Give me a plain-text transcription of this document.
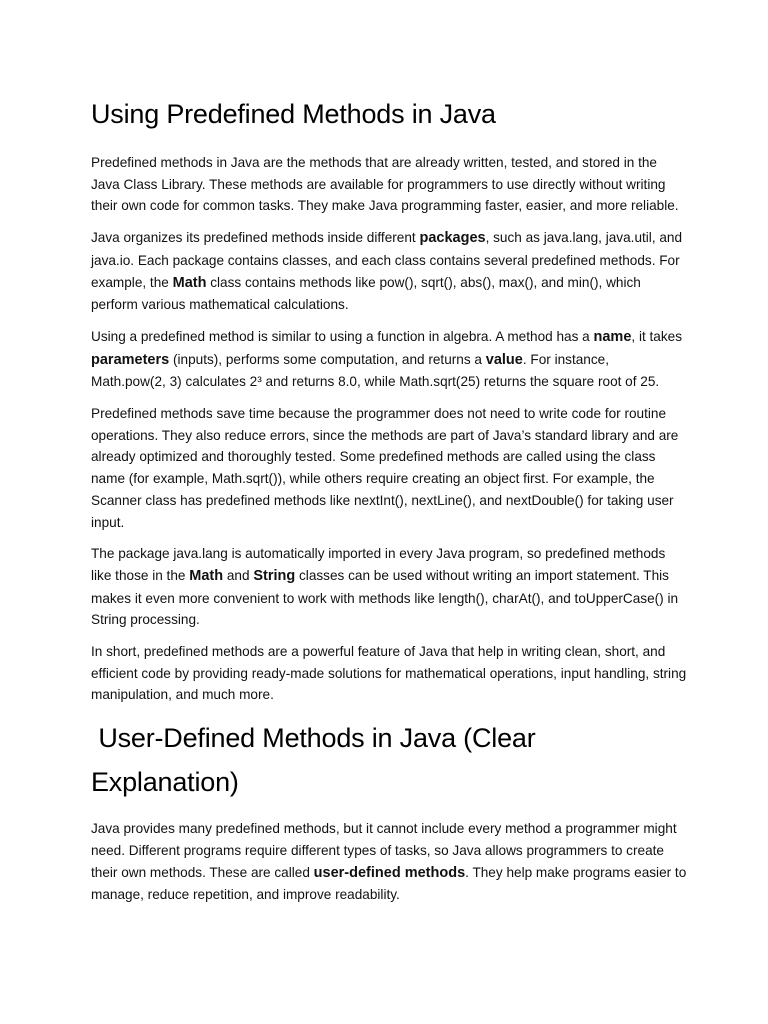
Using Predefined Methods in Java

Predefined methods in Java are the methods that are already written, tested, and stored in the Java Class Library. These methods are available for programmers to use directly without writing their own code for common tasks. They make Java programming faster, easier, and more reliable.

Java organizes its predefined methods inside different packages, such as java.lang, java.util, and java.io. Each package contains classes, and each class contains several predefined methods. For example, the Math class contains methods like pow(), sqrt(), abs(), max(), and min(), which perform various mathematical calculations.

Using a predefined method is similar to using a function in algebra. A method has a name, it takes parameters (inputs), performs some computation, and returns a value. For instance, Math.pow(2, 3) calculates 2³ and returns 8.0, while Math.sqrt(25) returns the square root of 25.

Predefined methods save time because the programmer does not need to write code for routine operations. They also reduce errors, since the methods are part of Java’s standard library and are already optimized and thoroughly tested. Some predefined methods are called using the class name (for example, Math.sqrt()), while others require creating an object first. For example, the Scanner class has predefined methods like nextInt(), nextLine(), and nextDouble() for taking user input.

The package java.lang is automatically imported in every Java program, so predefined methods like those in the Math and String classes can be used without writing an import statement. This makes it even more convenient to work with methods like length(), charAt(), and toUpperCase() in String processing.

In short, predefined methods are a powerful feature of Java that help in writing clean, short, and efficient code by providing ready-made solutions for mathematical operations, input handling, string manipulation, and much more.

User-Defined Methods in Java (Clear Explanation)

Java provides many predefined methods, but it cannot include every method a programmer might need. Different programs require different types of tasks, so Java allows programmers to create their own methods. These are called user-defined methods. They help make programs easier to manage, reduce repetition, and improve readability.
